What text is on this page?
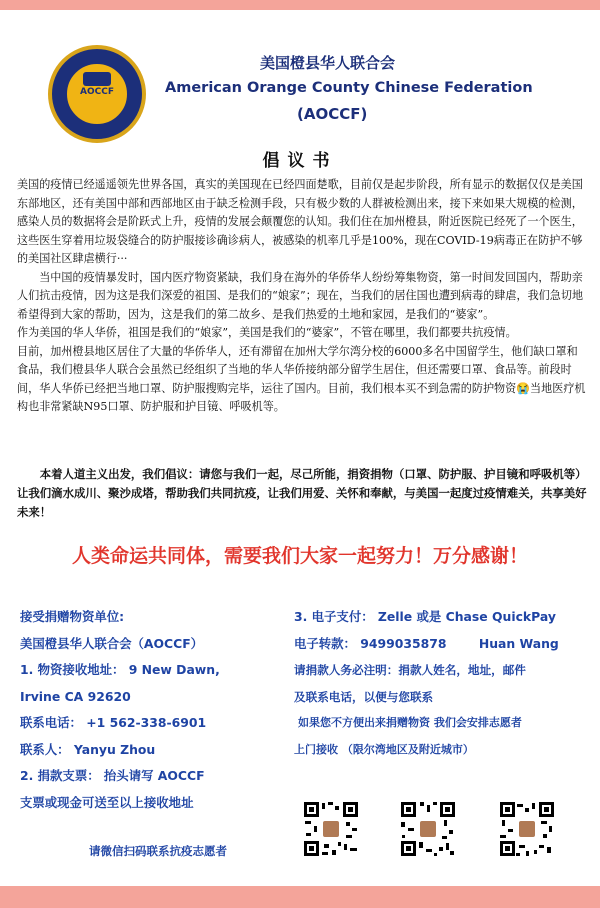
AOCCF
美国橙县华人联合会
American Orange County Chinese Federation
(AOCCF)
倡议书

美国的疫情已经遥遥领先世界各国，真实的美国现在已经四面楚歌，目前仅是起步阶段，所有显示的数据仅仅是美国东部地区，还有美国中部和西部地区由于缺乏检测手段，只有极少数的人群被检测出来，接下来如果大规模的检测，感染人员的数据将会是阶跃式上升，疫情的发展会颠覆您的认知。我们住在加州橙县，附近医院已经死了一个医生，这些医生穿着用垃圾袋缝合的防护服接诊确诊病人，被感染的机率几乎是100%，现在COVID-19病毒正在防护不够的美国社区肆虐横行···

　　当中国的疫情暴发时，国内医疗物资紧缺，我们身在海外的华侨华人纷纷筹集物资，第一时间发回国内，帮助亲人们抗击疫情，因为这是我们深爱的祖国、是我们的“娘家”；现在，当我们的居住国也遭到病毒的肆虐，我们急切地希望得到大家的帮助，因为，这是我们的第二故乡、是我们热爱的土地和家园，是我们的“婆家”。

作为美国的华人华侨，祖国是我们的“娘家”，美国是我们的“婆家”，不管在哪里，我们都要共抗疫情。

目前，加州橙县地区居住了大量的华侨华人，还有滞留在加州大学尔湾分校的6000多名中国留学生，他们缺口罩和食品，我们橙县华人联合会虽然已经组织了当地的华人华侨接纳部分留学生居住，但还需要口罩、食品等。前段时间，华人华侨已经把当地口罩、防护服搜购完毕，运往了国内。目前，我们根本买不到急需的防护物资😭当地医疗机构也非常紧缺N95口罩、防护服和护目镜、呼吸机等。

　　本着人道主义出发，我们倡议：请您与我们一起，尽己所能，捐资捐物（口罩、防护服、护目镜和呼吸机等）让我们滴水成川、聚沙成塔，帮助我们共同抗疫，让我们用爱、关怀和奉献，与美国一起度过疫情难关，共享美好未来！
人类命运共同体，需要我们大家一起努力！万分感谢！
接受捐赠物资单位:
美国橙县华人联合会（AOCCF）
1. 物资接收地址： 9 New Dawn,
Irvine CA 92620
联系电话： +1 562-338-6901
联系人： Yanyu Zhou
2. 捐款支票： 抬头请写 AOCCF
支票或现金可送至以上接收地址
3. 电子支付： Zelle 或是 Chase QuickPay
电子转款： 9499035878	Huan Wang
请捐款人务必注明：捐款人姓名，地址，邮件
及联系电话，以便与您联系
如果您不方便出来捐赠物资 我们会安排志愿者
上门接收 （限尔湾地区及附近城市）
请微信扫码联系抗疫志愿者
